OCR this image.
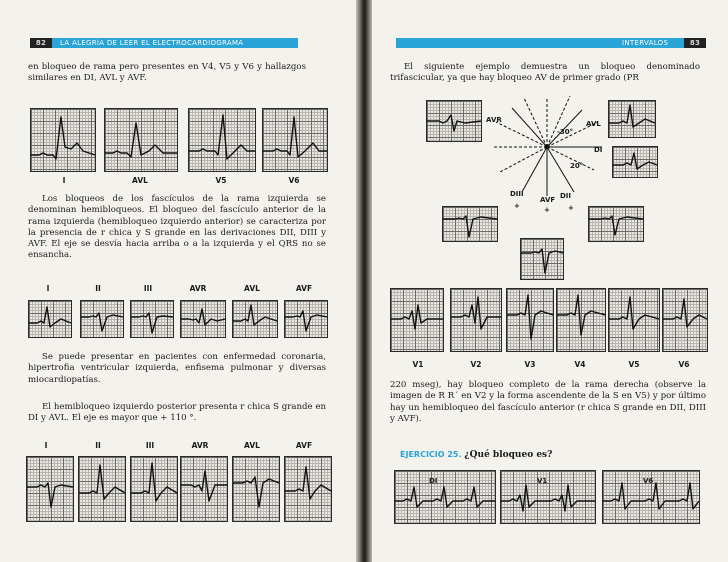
82	LA ALEGRÍA DE LEER EL ELECTROCARDIOGRAMA

en bloqueo de rama pero presentes en V4, V5 y V6 y hallazgos similares en DI, AVL y AVF.

I	AVL	V5	V6

Los bloqueos de los fascículos de la rama izquierda se denominan hemibloqueos. El bloqueo del fascículo anterior de la rama izquierda (hemibloqueo izquierdo anterior) se caracteriza por la presencia de r chica y S grande en las derivaciones DII, DIII y AVF. El eje se desvía hacia arriba o a la izquierda y el QRS no se ensancha.

I	II	III	AVR	AVL	AVF

Se puede presentar en pacientes con enfermedad coronaria, hipertrofia ventricular izquierda, enfisema pulmonar y diversas miocardiopatías.

El hemibloqueo izquierdo posterior presenta r chica S grande en DI y AVL. El eje es mayor que + 110 °.

I	II	III	AVR	AVL	AVF
INTERVALOS	83

El siguiente ejemplo demuestra un bloqueo denominado trifascicular, ya que hay bloqueo AV de primer grado (PR

AVR	AVL
-30°
DI
20°
DIII
AVF DII
+	+	+
V1	V2	V3	V4	V5	V6

220 mseg), hay bloqueo completo de la rama derecha (observe la imagen de R R´ en V2 y la forma ascendente de la S en V5) y por último hay un hemibloqueo del fascículo anterior (r chica S grande en DII, DIII y AVF).

EJERCICIO 25. ¿Qué bloqueo es?
DI	V1	V6
